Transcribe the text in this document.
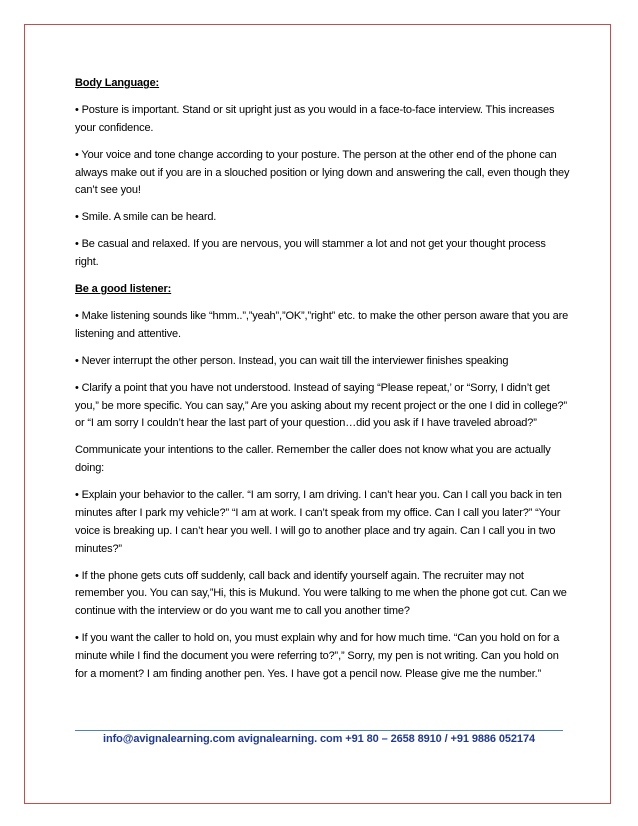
Body Language:

• Posture is important. Stand or sit upright just as you would in a face-to-face interview. This increases your confidence.

• Your voice and tone change according to your posture. The person at the other end of the phone can always make out if you are in a slouched position or lying down and answering the call, even though they can’t see you!

• Smile. A smile can be heard.

• Be casual and relaxed. If you are nervous, you will stammer a lot and not get your thought process right.

Be a good listener:

• Make listening sounds like “hmm..”,”yeah”,”OK”,”right” etc. to make the other person aware that you are listening and attentive.

• Never interrupt the other person. Instead, you can wait till the interviewer finishes speaking

• Clarify a point that you have not understood. Instead of saying “Please repeat,’ or “Sorry, I didn’t get you,” be more specific. You can say,” Are you asking about my recent project or the one I did in college?” or “I am sorry I couldn’t hear the last part of your question…did you ask if I have traveled abroad?”

Communicate your intentions to the caller. Remember the caller does not know what you are actually doing:

• Explain your behavior to the caller. “I am sorry, I am driving. I can’t hear you. Can I call you back in ten minutes after I park my vehicle?” “I am at work. I can’t speak from my office. Can I call you later?” “Your voice is breaking up. I can’t hear you well. I will go to another place and try again. Can I call you in two minutes?”

• If the phone gets cuts off suddenly, call back and identify yourself again. The recruiter may not remember you. You can say,”Hi, this is Mukund. You were talking to me when the phone got cut. Can we continue with the interview or do you want me to call you another time?

• If you want the caller to hold on, you must explain why and for how much time. “Can you hold on for a minute while I find the document you were referring to?”,” Sorry, my pen is not writing. Can you hold on for a moment? I am finding another pen. Yes. I have got a pencil now. Please give me the number.”

info@avignalearning.com avignalearning. com +91 80 – 2658 8910 / +91 9886 052174
